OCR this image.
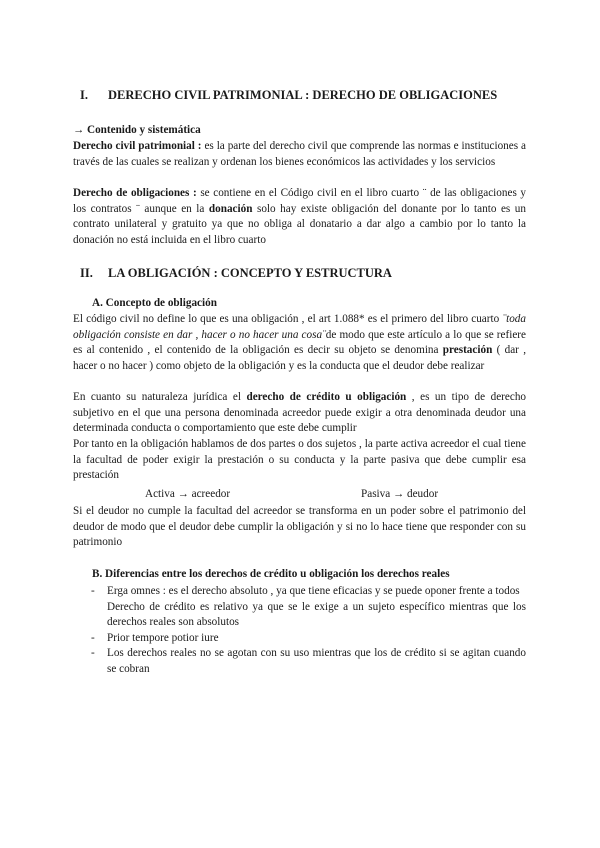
I. DERECHO CIVIL PATRIMONIAL : DERECHO DE OBLIGACIONES
→ Contenido y sistemática

Derecho civil patrimonial : es la parte del derecho civil que comprende las normas e instituciones a través de las cuales se realizan y ordenan los bienes económicos las actividades y los servicios

Derecho de obligaciones : se contiene en el Código civil en el libro cuarto ¨ de las obligaciones y los contratos ¨ aunque en la donación solo hay existe obligación del donante por lo tanto es un contrato unilateral y gratuito ya que no obliga al donatario a dar algo a cambio por lo tanto la donación no está incluida en el libro cuarto

II. LA OBLIGACIÓN : CONCEPTO Y ESTRUCTURA
A. Concepto de obligación

El código civil no define lo que es una obligación , el art 1.088* es el primero del libro cuarto ¨toda obligación consiste en dar , hacer o no hacer una cosa¨de modo que este artículo a lo que se refiere es al contenido , el contenido de la obligación es decir su objeto se denomina prestación ( dar , hacer o no hacer ) como objeto de la obligación y es la conducta que el deudor debe realizar

En cuanto su naturaleza jurídica el derecho de crédito u obligación , es un tipo de derecho subjetivo en el que una persona denominada acreedor puede exigir a otra denominada deudor una determinada conducta o comportamiento que este debe cumplir

Por tanto en la obligación hablamos de dos partes o dos sujetos , la parte activa acreedor el cual tiene la facultad de poder exigir la prestación o su conducta y la parte pasiva que debe cumplir esa prestación

Activa → acreedor	Pasiva → deudor

Si el deudor no cumple la facultad del acreedor se transforma en un poder sobre el patrimonio del deudor de modo que el deudor debe cumplir la obligación y si no lo hace tiene que responder con su patrimonio

B. Diferencias entre los derechos de crédito u obligación los derechos reales
- Erga omnes : es el derecho absoluto , ya que tiene eficacias y se puede oponer frente a todos
Derecho de crédito es relativo ya que se le exige a un sujeto específico mientras que los derechos reales son absolutos
- Prior tempore potior iure
- Los derechos reales no se agotan con su uso mientras que los de crédito si se agitan cuando se cobran
